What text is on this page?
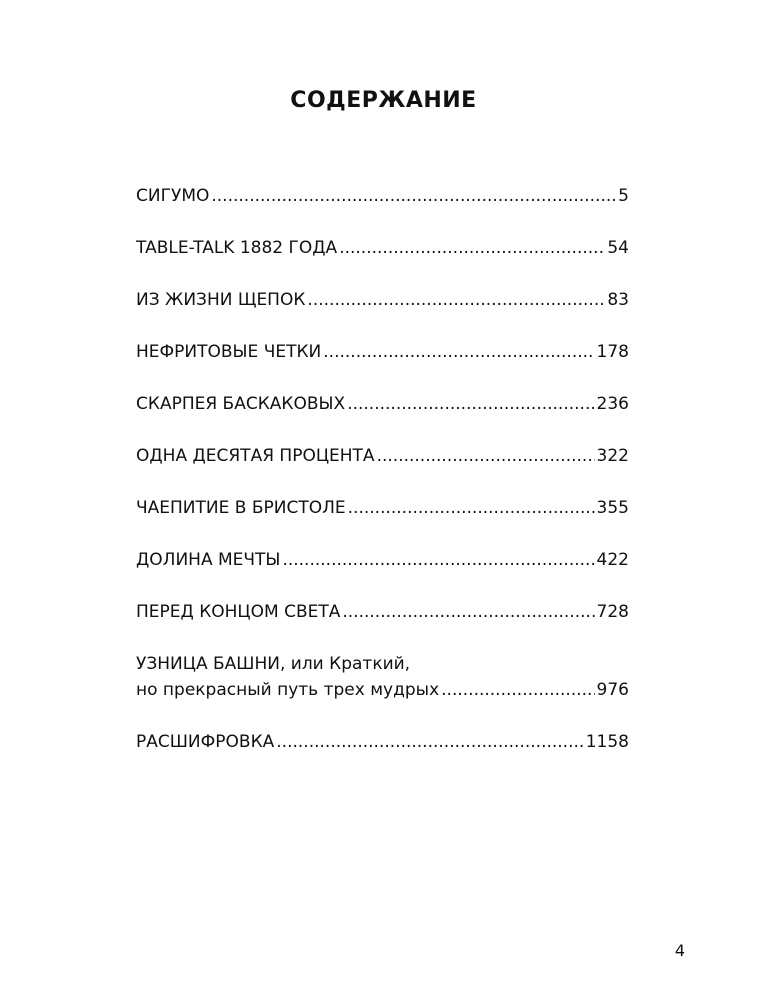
СОДЕРЖАНИЕ
СИГУМО .....	5
TABLE-TALK 1882 ГОДА .....	54
ИЗ ЖИЗНИ ЩЕПОК .....	83
НЕФРИТОВЫЕ ЧЕТКИ .....	178
СКАРПЕЯ БАСКАКОВЫХ .....	236
ОДНА ДЕСЯТАЯ ПРОЦЕНТА .....	322
ЧАЕПИТИЕ В БРИСТОЛЕ .....	355
ДОЛИНА МЕЧТЫ .....	422
ПЕРЕД КОНЦОМ СВЕТА .....	728
УЗНИЦА БАШНИ, или Краткий,
но прекрасный путь трех мудрых .....	976
РАСШИФРОВКА .....	1158
4
